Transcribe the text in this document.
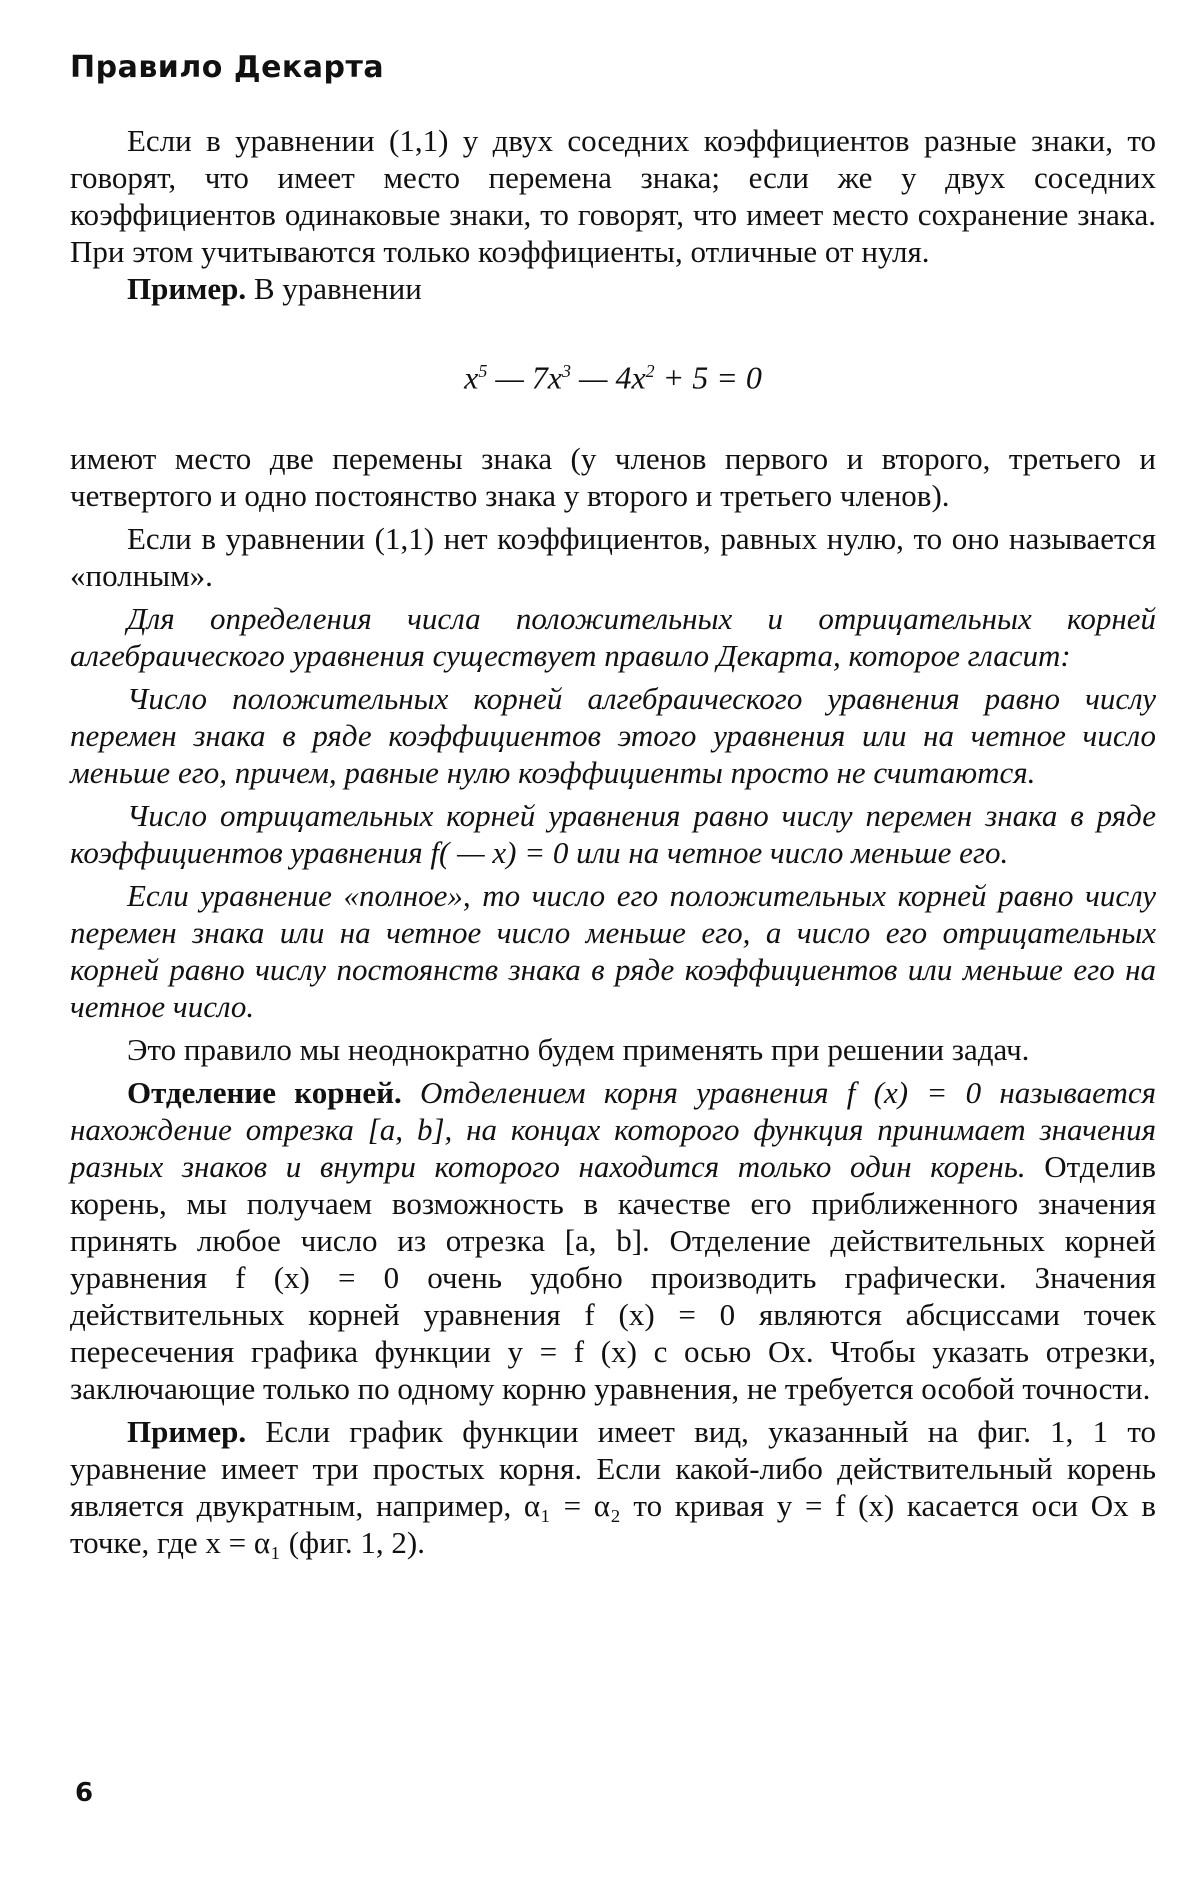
Правило Декарта

Если в уравнении (1,1) у двух соседних коэффициентов разные знаки, то говорят, что имеет место перемена знака; если же у двух соседних коэффициентов одинаковые знаки, то говорят, что имеет место сохранение знака. При этом учитываются только коэффициенты, отличные от нуля.

Пример. В уравнении

$x^5$ — $7x^3$ — $4x^2 + 5 = 0$

имеют место две перемены знака (у членов первого и второго, третьего и четвертого и одно постоянство знака у второго и третьего членов).

Если в уравнении (1,1) нет коэффициентов, равных нулю, то оно называется «полным».

Для определения числа положительных и отрицательных корней алгебраического уравнения существует правило Декарта, которое гласит:

Число положительных корней алгебраического уравнения равно числу перемен знака в ряде коэффициентов этого уравнения или на четное число меньше его, причем, равные нулю коэффициенты просто не считаются.

Число отрицательных корней уравнения равно числу перемен знака в ряде коэффициентов уравнения f( — x) = 0 или на четное число меньше его.

Если уравнение «полное», то число его положительных корней равно числу перемен знака или на четное число меньше его, а число его отрицательных корней равно числу постоянств знака в ряде коэффициентов или меньше его на четное число.

Это правило мы неоднократно будем применять при решении задач.

Отделение корней. Отделением корня уравнения f (x) = 0 называется нахождение отрезка [a, b], на концах которого функция принимает значения разных знаков и внутри которого находится только один корень. Отделив корень, мы получаем возможность в качестве его приближенного значения принять любое число из отрезка [a, b]. Отделение действительных корней уравнения f (x) = 0 очень удобно производить графически. Значения действительных корней уравнения f (x) = 0 являются абсциссами точек пересечения графика функции y = f (x) с осью Ox. Чтобы указать отрезки, заключающие только по одному корню уравнения, не требуется особой точности.

Пример. Если график функции имеет вид, указанный на фиг. 1, 1 то уравнение имеет три простых корня. Если какой-либо действительный корень является двукратным, например, α₁ = α₂ то кривая y = f (x) касается оси Ox в точке, где x = α₁ (фиг. 1, 2).

6
